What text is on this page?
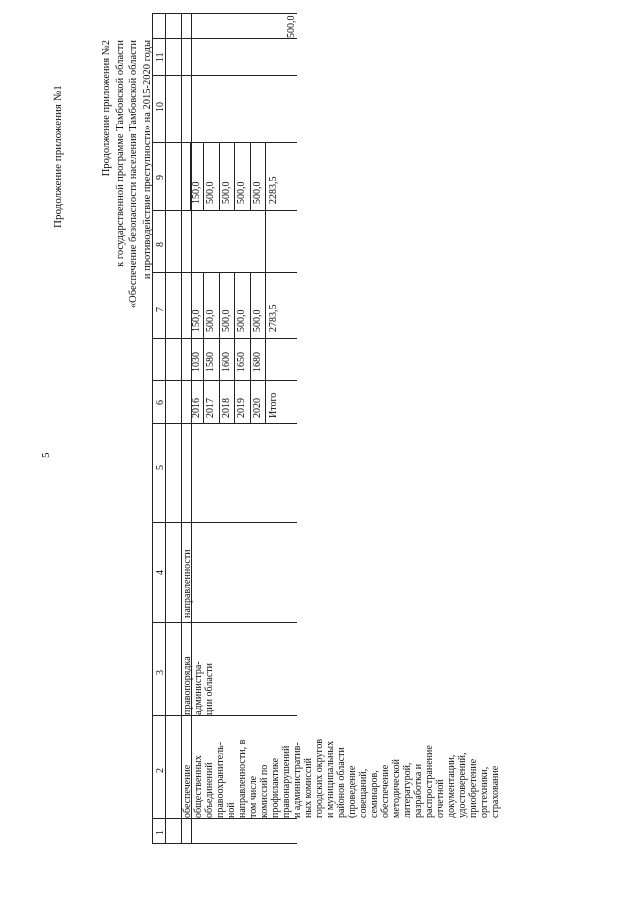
5
Продолжение приложения №1	Продолжение приложения №2 к государственной программе Тамбовской области «Обеспечение безопасности населения Тамбовской области и противодействие преступности» на 2015-2020 годы
1
2
3
4
5
6
7
8
9
10
11
обеспечение общественных объединений правоохранитель- ной направленности, в том числе комиссий по профилактике правонарушений и административ- ных комиссий городских округов и муниципальных районов области (проведение совещаний, семинаров, обеспечение методической литературой, разработка и распространение отчетной документации, удостоверений, приобретение оргтехники, страхование
правопорядка администра- ции области
направленности
2016 2017 2018 2019 2020 Итого
1030 1580 1600 1650 1680
150,0 500,0 500,0 500,0 500,0 2783,5
150,0 500,0 500,0 500,0 500,0 2283,5
500,0
